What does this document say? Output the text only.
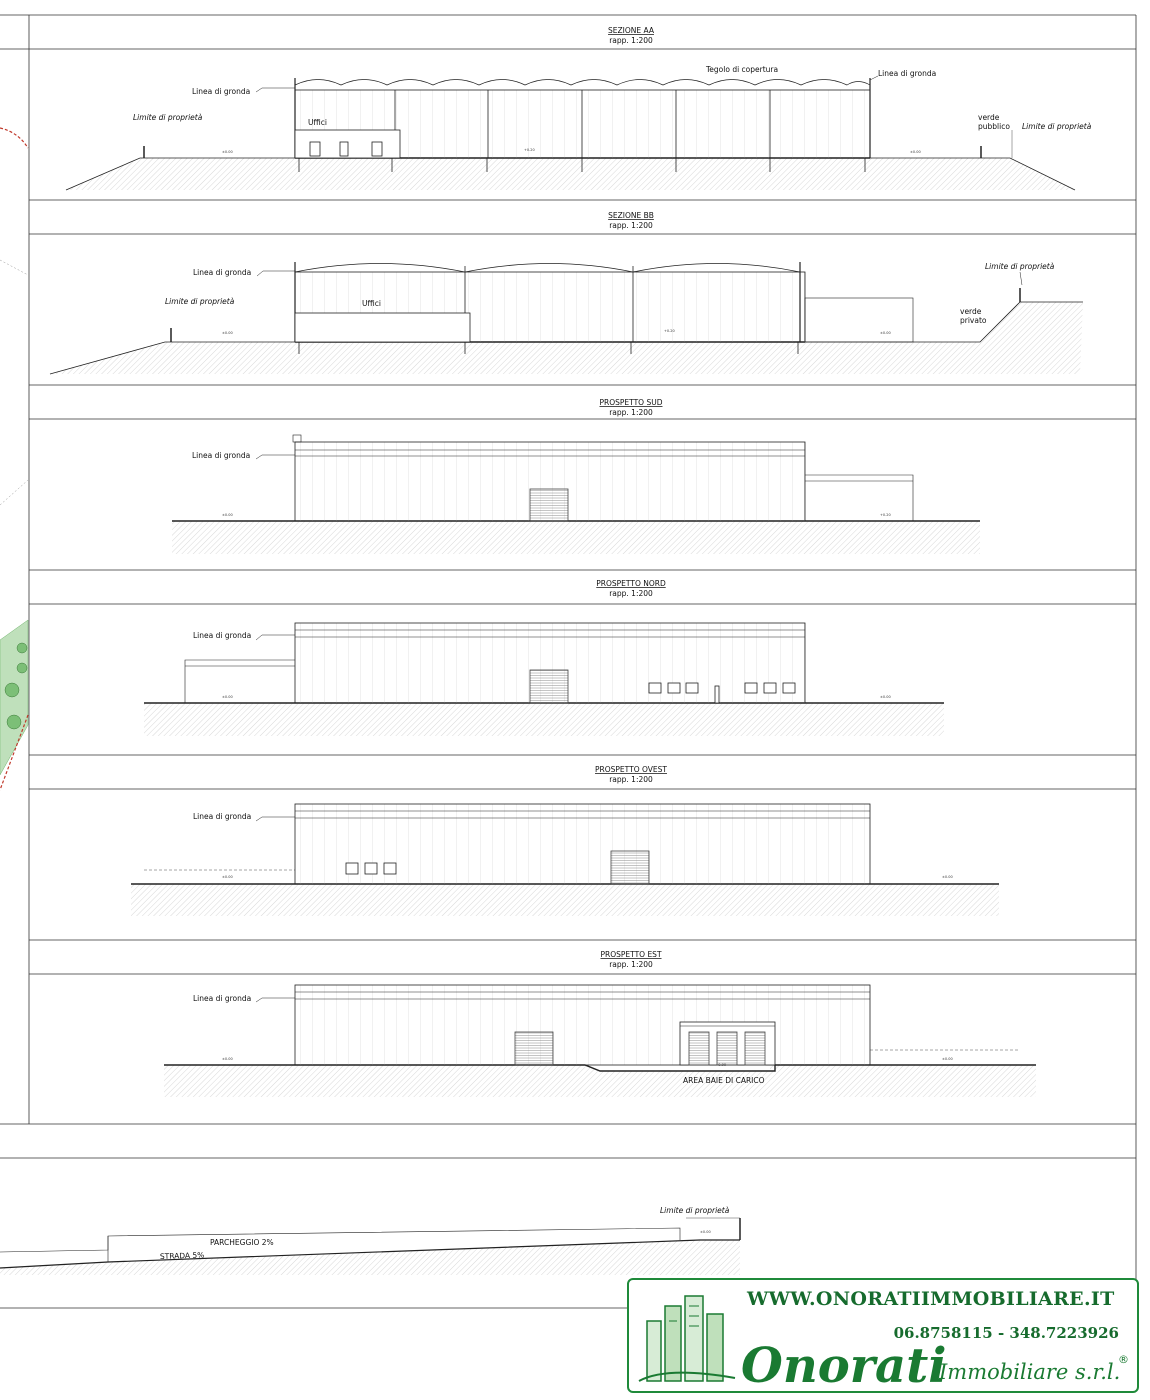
SEZIONE AA
rapp. 1:200
SEZIONE BB
rapp. 1:200
PROSPETTO SUD
rapp. 1:200
PROSPETTO NORD
rapp. 1:200
PROSPETTO OVEST
rapp. 1:200
PROSPETTO EST
rapp. 1:200
Linea di gronda
Linea di gronda
Tegolo di copertura
Limite di proprietà
Limite di proprietà
Uffici
verde
pubblico
±0.00	+0.20	±0.00
Linea di gronda
Limite di proprietà
Limite di proprietà
Uffici
verde
privato
±0.00	+0.20	±0.00
Linea di gronda
±0.00	+0.20
Linea di gronda
±0.00	±0.00
Linea di gronda
±0.00	±0.00
Linea di gronda
AREA BAIE DI CARICO
±0.00
-0.90
±0.00
PARCHEGGIO 2%
STRADA 5%
Limite di proprietà
±0.00
WWW.ONORATIIMMOBILIARE.IT
06.8758115 - 348.7223926
Onorati
Immobiliare s.r.l.
®
